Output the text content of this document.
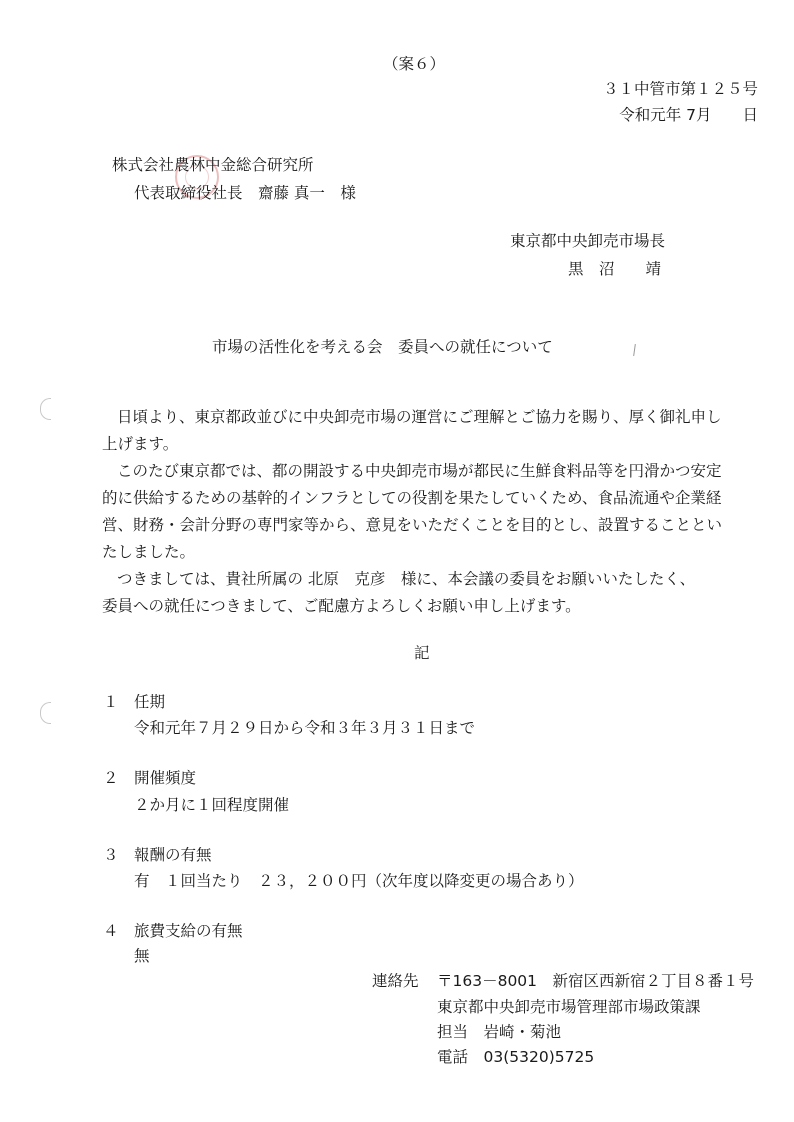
（案６）
３１中管市第１２５号
令和元年 7月　　日
株式会社農林中金総合研究所
代表取締役社長　齋藤 真一　様
東京都中央卸売市場長
黒　沼　　靖
市場の活性化を考える会　委員への就任について
日頃より、東京都政並びに中央卸売市場の運営にご理解とご協力を賜り、厚く御礼申し
上げます。
このたび東京都では、都の開設する中央卸売市場が都民に生鮮食料品等を円滑かつ安定
的に供給するための基幹的インフラとしての役割を果たしていくため、食品流通や企業経
営、財務・会計分野の専門家等から、意見をいただくことを目的とし、設置することとい
たしました。
つきましては、貴社所属の 北原　克彦　様に、本会議の委員をお願いいたしたく、
委員への就任につきまして、ご配慮方よろしくお願い申し上げます。
記
１ 任期
令和元年７月２９日から令和３年３月３１日まで
２ 開催頻度
２か月に１回程度開催
３ 報酬の有無
有　１回当たり　２３，２００円（次年度以降変更の場合あり）
４ 旅費支給の有無
無
連絡先 〒163－8001　新宿区西新宿２丁目８番１号
東京都中央卸売市場管理部市場政策課
担当　岩崎・菊池
電話　03(5320)5725
